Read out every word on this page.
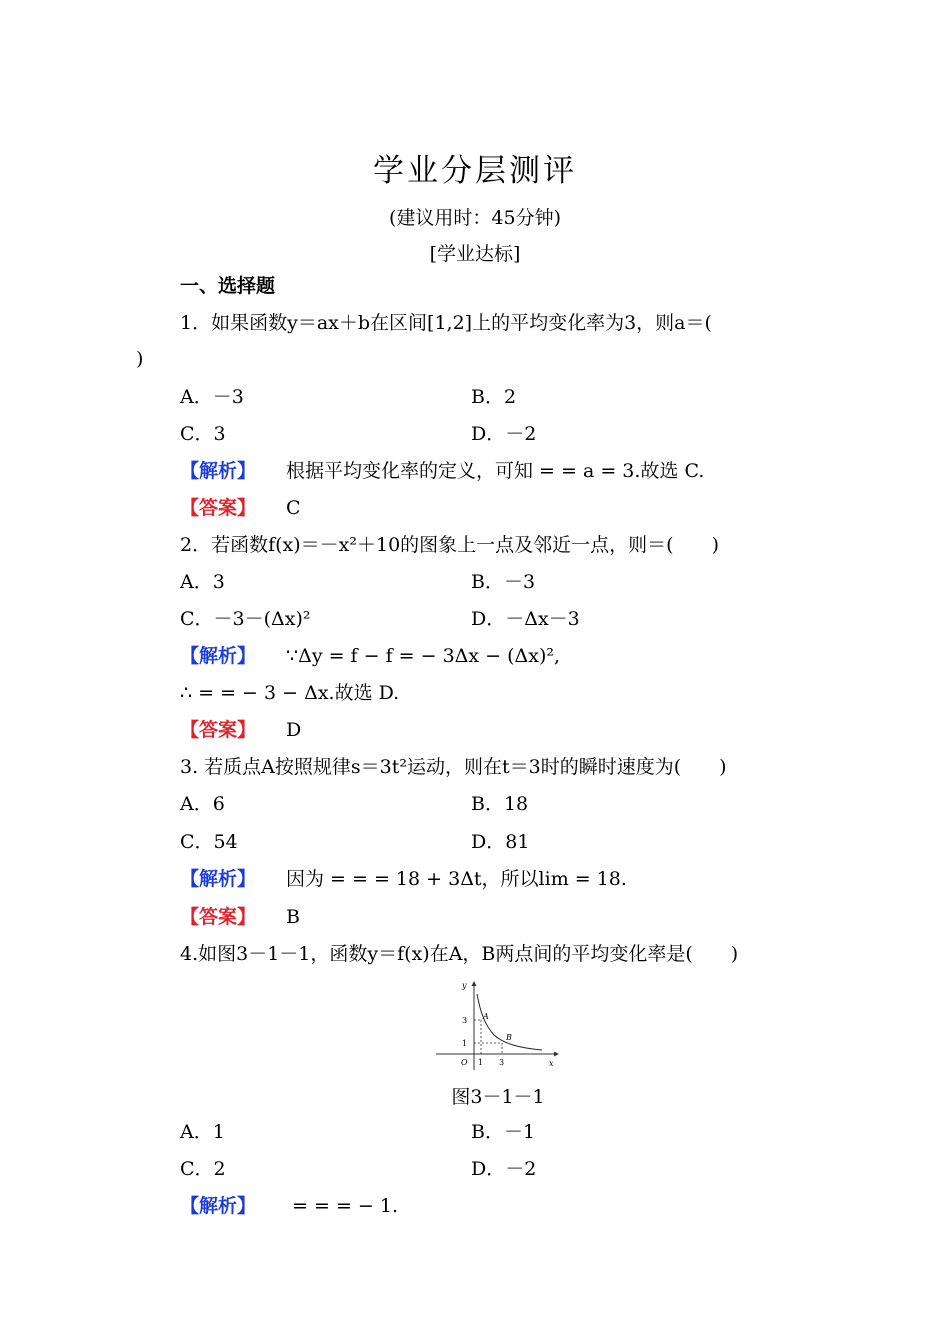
学业分层测评
(建议用时：45分钟)
[学业达标]
一、选择题
1．如果函数y＝ax＋b在区间[1,2]上的平均变化率为3，则a＝(
)
A．－3	B．2
C．3	D．－2
【解析】 根据平均变化率的定义，可知 = = a = 3.故选 C.
【答案】 C
2．若函数f(x)＝－x²＋10的图象上一点及邻近一点，则＝(　　)
A．3	B．－3
C．－3－(Δx)²	D．－Δx－3
【解析】 ∵Δy = f − f = − 3Δx − (Δx)²,
∴ = = − 3 − Δx.故选 D.
【答案】 D
3. 若质点A按照规律s＝3t²运动，则在t＝3时的瞬时速度为(　　)
A．6	B．18
C．54	D．81
【解析】 因为 = = = 18 + 3Δt，所以lim = 18.
【答案】 B
4.如图3－1－1，函数y＝f(x)在A，B两点间的平均变化率是(　　)
y
x
O
3
1
1 3
A
B
图3－1－1
A．1	B．－1
C．2	D．－2
【解析】 = = = − 1.
